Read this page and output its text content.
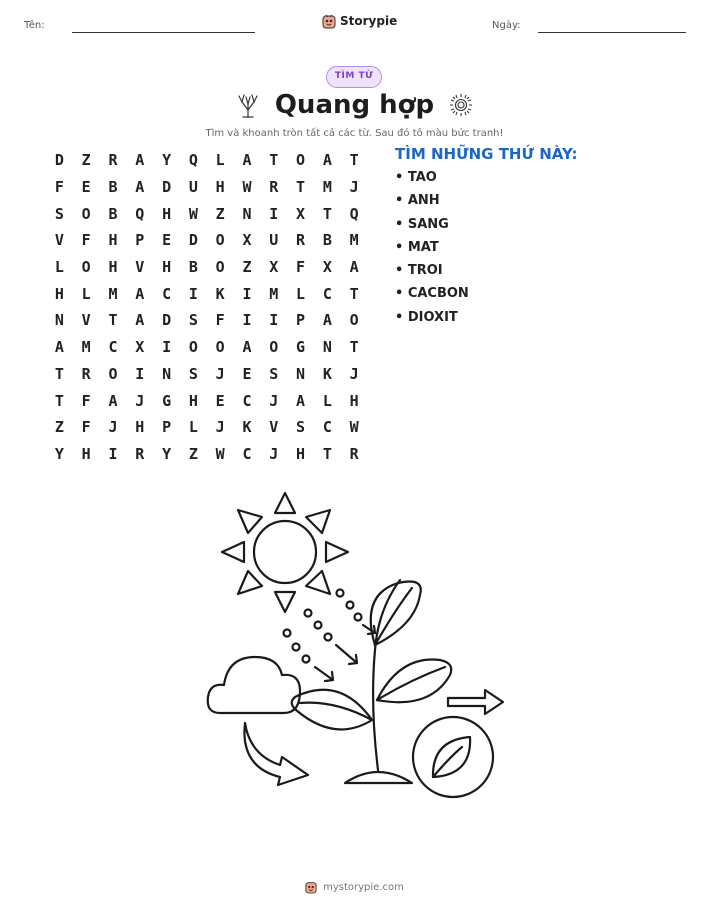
Tên:	Storypie	Ngày:
TÌM TỪ
Quang hợp
Tìm và khoanh tròn tất cả các từ. Sau đó tô màu bức tranh!
D	Z	R	A	Y	Q	L	A	T	O	A	T
F	E	B	A	D	U	H	W	R	T	M	J
S	O	B	Q	H	W	Z	N	I	X	T	Q
V	F	H	P	E	D	O	X	U	R	B	M
L	O	H	V	H	B	O	Z	X	F	X	A
H	L	M	A	C	I	K	I	M	L	C	T
N	V	T	A	D	S	F	I	I	P	A	O
A	M	C	X	I	O	O	A	O	G	N	T
T	R	O	I	N	S	J	E	S	N	K	J
T	F	A	J	G	H	E	C	J	A	L	H
Z	F	J	H	P	L	J	K	V	S	C	W
Y	H	I	R	Y	Z	W	C	J	H	T	R
TÌM NHỮNG THỨ NÀY:
• TAO
• ANH
• SANG
• MAT
• TROI
• CACBON
• DIOXIT
mystorypie.com
